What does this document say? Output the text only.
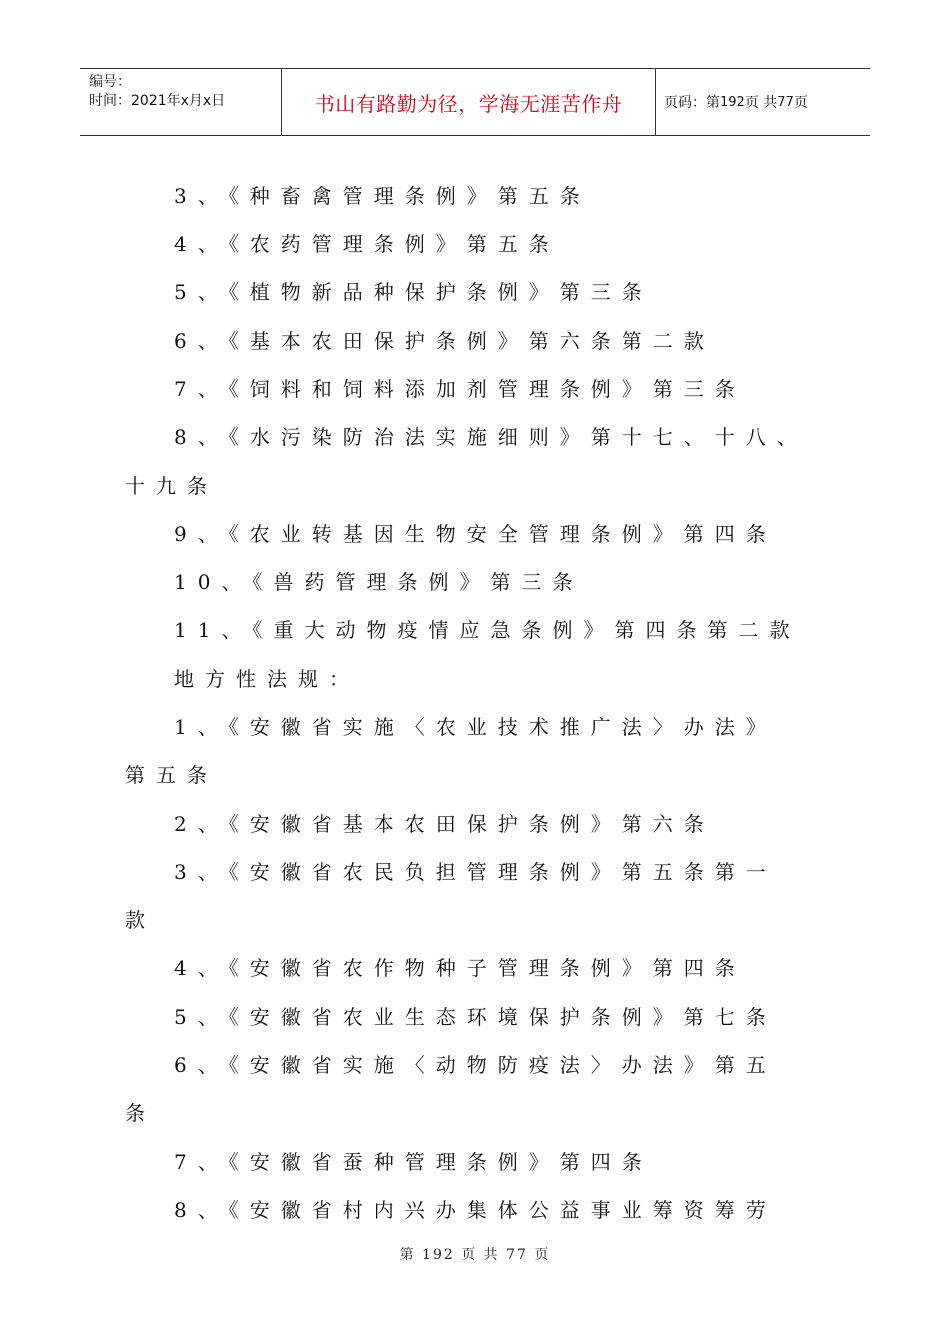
编号：
时间：2021年x月x日	书山有路勤为径，学海无涯苦作舟	页码：第 192 页 共 77 页
3、《种畜禽管理条例》第五条
4、《农药管理条例》第五条
5、《植物新品种保护条例》第三条
6、《基本农田保护条例》第六条第二款
7、《饲料和饲料添加剂管理条例》第三条
8、《水污染防治法实施细则》第十七、十八、
十九条
9、《农业转基因生物安全管理条例》第四条
10、《兽药管理条例》第三条
11、《重大动物疫情应急条例》第四条第二款
地方性法规：
1、《安徽省实施〈农业技术推广法〉办法》
第五条
2、《安徽省基本农田保护条例》第六条
3、《安徽省农民负担管理条例》第五条第一
款
4、《安徽省农作物种子管理条例》第四条
5、《安徽省农业生态环境保护条例》第七条
6、《安徽省实施〈动物防疫法〉办法》第五
条
7、《安徽省蚕种管理条例》第四条
8、《安徽省村内兴办集体公益事业筹资筹劳
第 192 页 共 77 页
